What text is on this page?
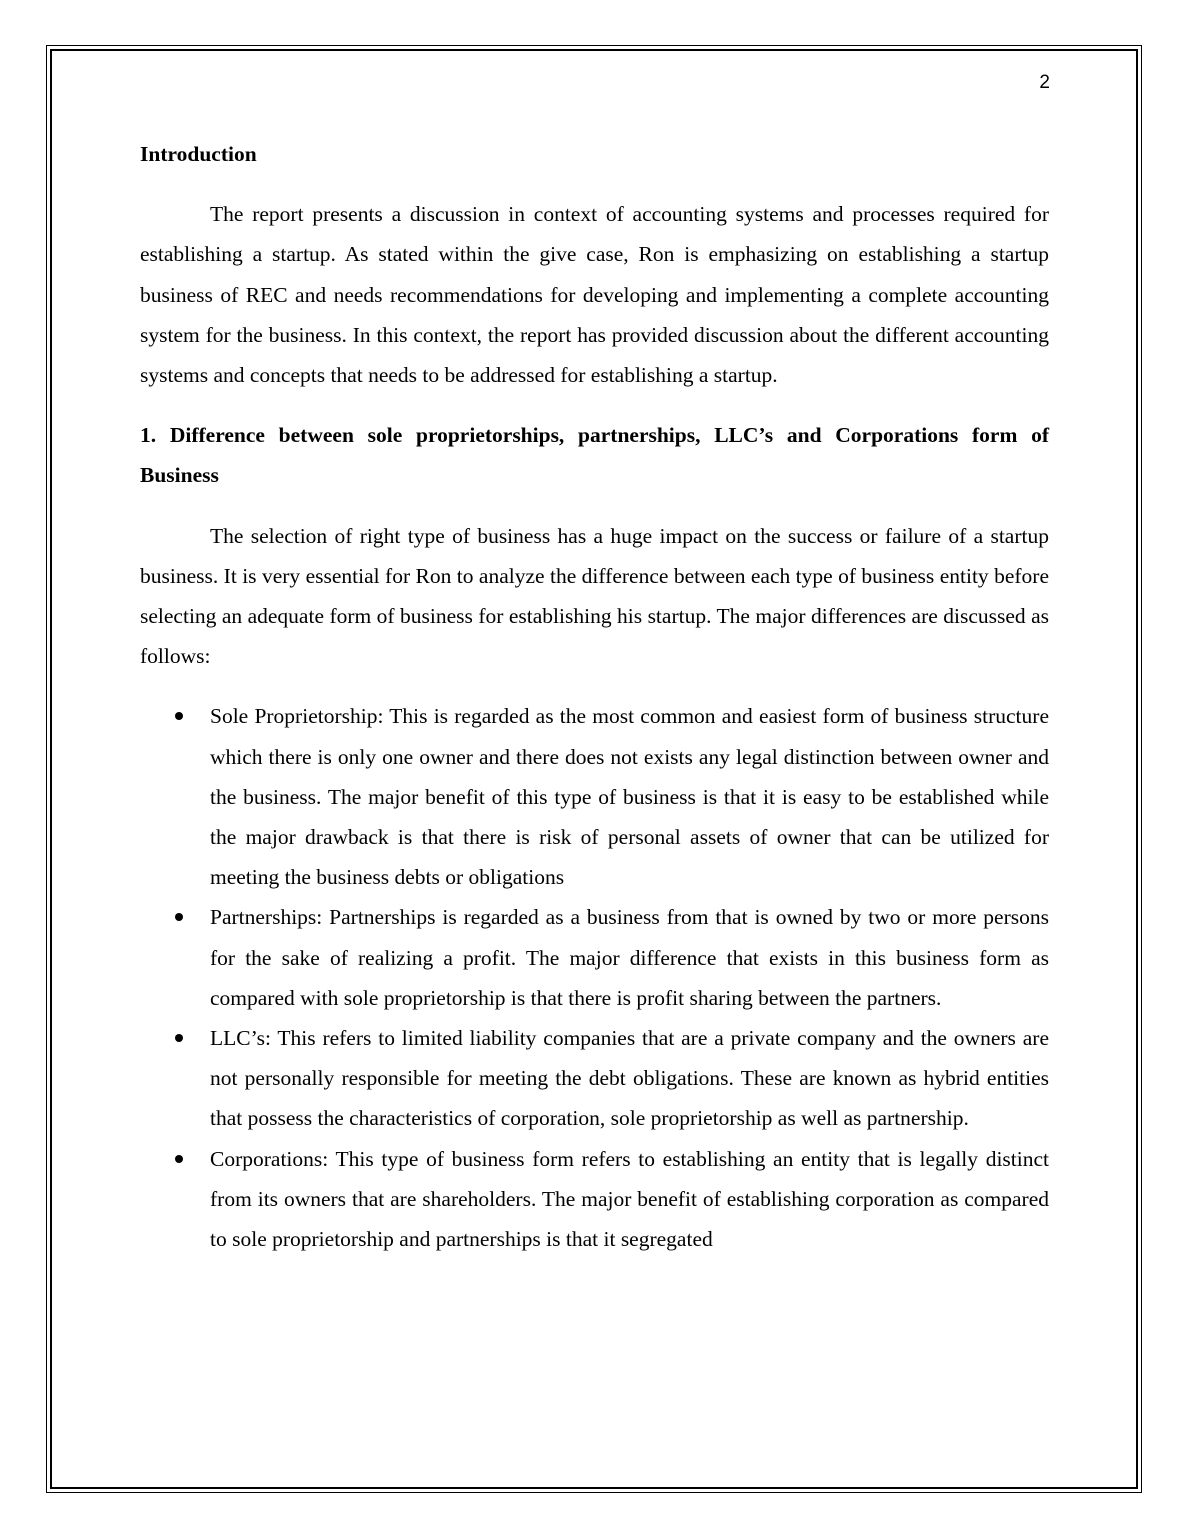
2

Introduction

The report presents a discussion in context of accounting systems and processes required for establishing a startup. As stated within the give case, Ron is emphasizing on establishing a startup business of REC and needs recommendations for developing and implementing a complete accounting system for the business. In this context, the report has provided discussion about the different accounting systems and concepts that needs to be addressed for establishing a startup.

1. Difference between sole proprietorships, partnerships, LLC’s and Corporations form of Business

The selection of right type of business has a huge impact on the success or failure of a startup business. It is very essential for Ron to analyze the difference between each type of business entity before selecting an adequate form of business for establishing his startup. The major differences are discussed as follows:

Sole Proprietorship: This is regarded as the most common and easiest form of business structure which there is only one owner and there does not exists any legal distinction between owner and the business. The major benefit of this type of business is that it is easy to be established while the major drawback is that there is risk of personal assets of owner that can be utilized for meeting the business debts or obligations
Partnerships: Partnerships is regarded as a business from that is owned by two or more persons for the sake of realizing a profit. The major difference that exists in this business form as compared with sole proprietorship is that there is profit sharing between the partners.
LLC’s: This refers to limited liability companies that are a private company and the owners are not personally responsible for meeting the debt obligations. These are known as hybrid entities that possess the characteristics of corporation, sole proprietorship as well as partnership.
Corporations: This type of business form refers to establishing an entity that is legally distinct from its owners that are shareholders. The major benefit of establishing corporation as compared to sole proprietorship and partnerships is that it segregated
